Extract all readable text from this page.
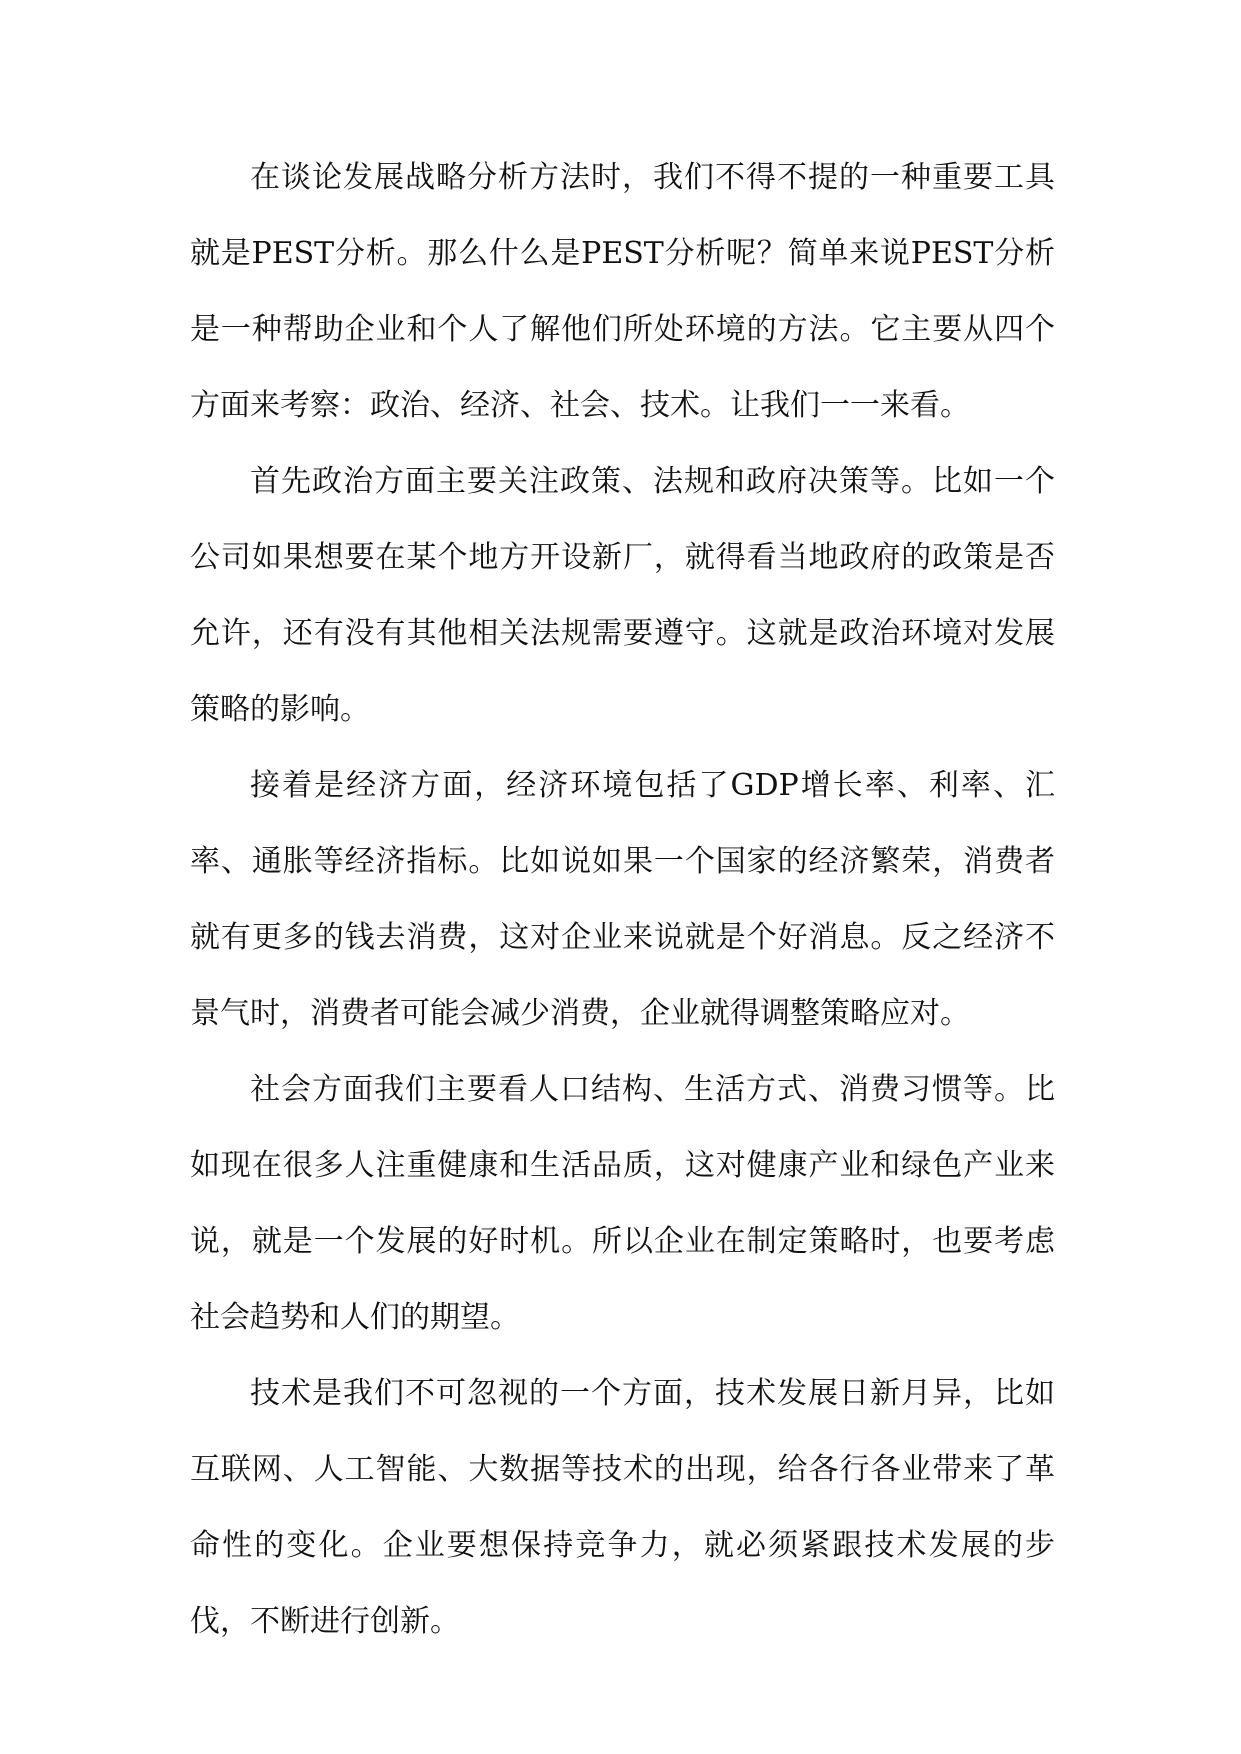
在谈论发展战略分析方法时，我们不得不提的一种重要工具就是PEST分析。那么什么是PEST分析呢？简单来说PEST分析是一种帮助企业和个人了解他们所处环境的方法。它主要从四个方面来考察：政治、经济、社会、技术。让我们一一来看。

首先政治方面主要关注政策、法规和政府决策等。比如一个公司如果想要在某个地方开设新厂，就得看当地政府的政策是否允许，还有没有其他相关法规需要遵守。这就是政治环境对发展策略的影响。

接着是经济方面，经济环境包括了GDP增长率、利率、汇率、通胀等经济指标。比如说如果一个国家的经济繁荣，消费者就有更多的钱去消费，这对企业来说就是个好消息。反之经济不景气时，消费者可能会减少消费，企业就得调整策略应对。

社会方面我们主要看人口结构、生活方式、消费习惯等。比如现在很多人注重健康和生活品质，这对健康产业和绿色产业来说，就是一个发展的好时机。所以企业在制定策略时，也要考虑社会趋势和人们的期望。

技术是我们不可忽视的一个方面，技术发展日新月异，比如互联网、人工智能、大数据等技术的出现，给各行各业带来了革命性的变化。企业要想保持竞争力，就必须紧跟技术发展的步伐，不断进行创新。
